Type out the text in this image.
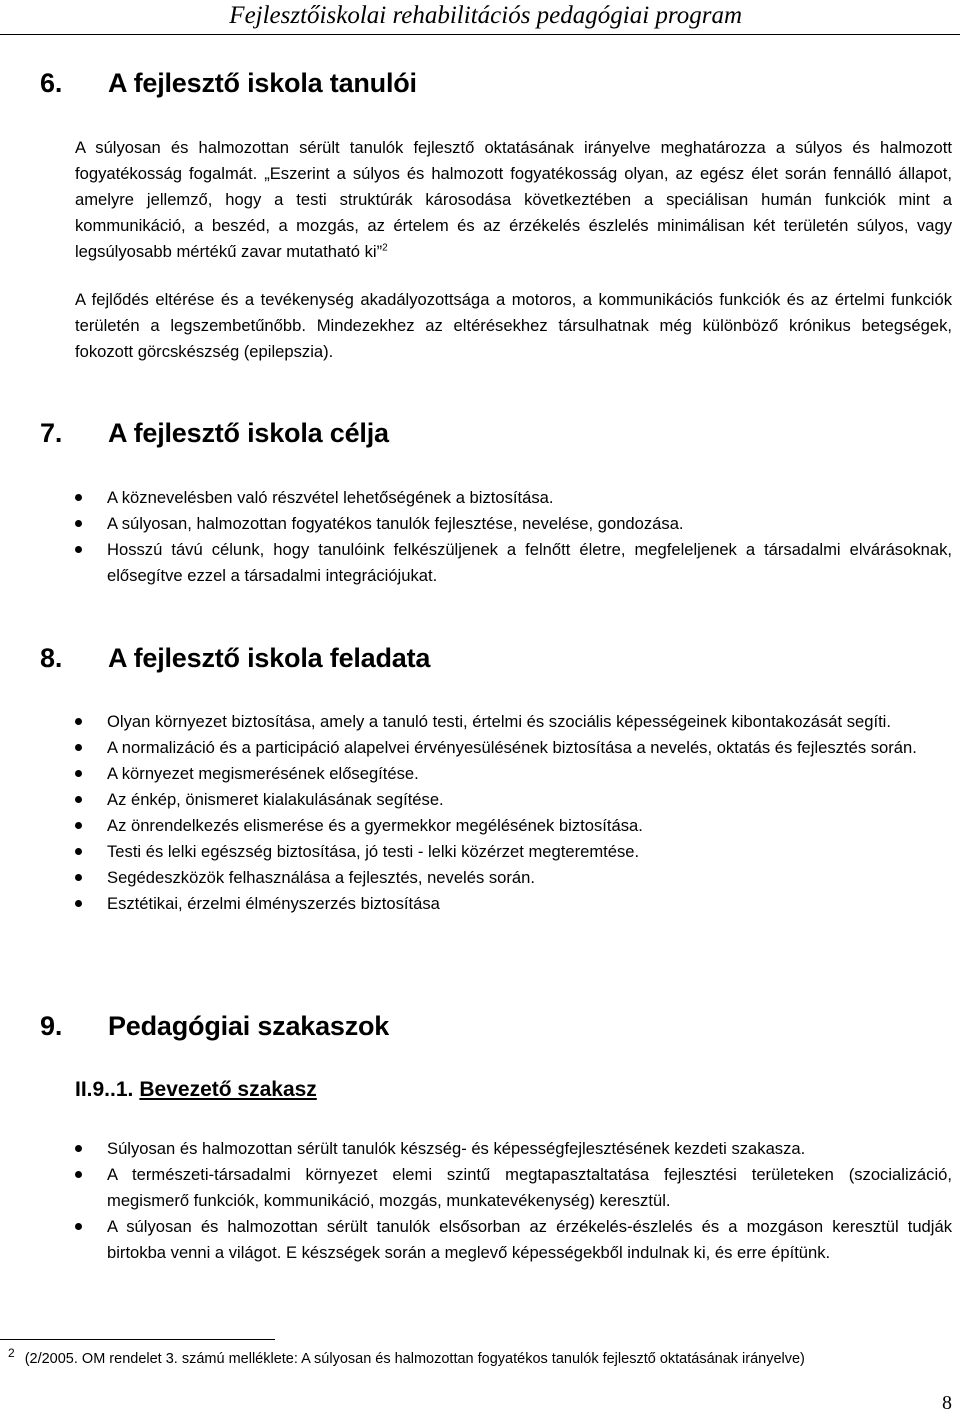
Fejlesztőiskolai rehabilitációs pedagógiai program
6. A fejlesztő iskola tanulói
A súlyosan és halmozottan sérült tanulók fejlesztő oktatásának irányelve meghatározza a súlyos és halmozott fogyatékosság fogalmát. „Eszerint a súlyos és halmozott fogyatékosság olyan, az egész élet során fennálló állapot, amelyre jellemző, hogy a testi struktúrák károsodása következtében a speciálisan humán funkciók mint a kommunikáció, a beszéd, a mozgás, az értelem és az érzékelés észlelés minimálisan két területén súlyos, vagy legsúlyosabb mértékű zavar mutatható ki”$^2$
A fejlődés eltérése és a tevékenység akadályozottsága a motoros, a kommunikációs funkciók és az értelmi funkciók területén a legszembetűnőbb. Mindezekhez az eltérésekhez társulhatnak még különböző krónikus betegségek, fokozott görcskészség (epilepszia).
7. A fejlesztő iskola célja
A köznevelésben való részvétel lehetőségének a biztosítása.
A súlyosan, halmozottan fogyatékos tanulók fejlesztése, nevelése, gondozása.
Hosszú távú célunk, hogy tanulóink felkészüljenek a felnőtt életre, megfeleljenek a társadalmi elvárásoknak, elősegítve ezzel a társadalmi integrációjukat.
8. A fejlesztő iskola feladata
Olyan környezet biztosítása, amely a tanuló testi, értelmi és szociális képességeinek kibontakozását segíti.
A normalizáció és a participáció alapelvei érvényesülésének biztosítása a nevelés, oktatás és fejlesztés során.
A környezet megismerésének elősegítése.
Az énkép, önismeret kialakulásának segítése.
Az önrendelkezés elismerése és a gyermekkor megélésének biztosítása.
Testi és lelki egészség biztosítása, jó testi - lelki közérzet megteremtése.
Segédeszközök felhasználása a fejlesztés, nevelés során.
Esztétikai, érzelmi élményszerzés biztosítása
9. Pedagógiai szakaszok
II.9..1. Bevezető szakasz
Súlyosan és halmozottan sérült tanulók készség- és képességfejlesztésének kezdeti szakasza.
A természeti-társadalmi környezet elemi szintű megtapasztaltatása fejlesztési területeken (szocializáció, megismerő funkciók, kommunikáció, mozgás, munkatevékenység) keresztül.
A súlyosan és halmozottan sérült tanulók elsősorban az érzékelés-észlelés és a mozgáson keresztül tudják birtokba venni a világot. E készségek során a meglevő képességekből indulnak ki, és erre építünk.
$^2$ (2/2005. OM rendelet 3. számú melléklete: A súlyosan és halmozottan fogyatékos tanulók fejlesztő oktatásának irányelve)
8
